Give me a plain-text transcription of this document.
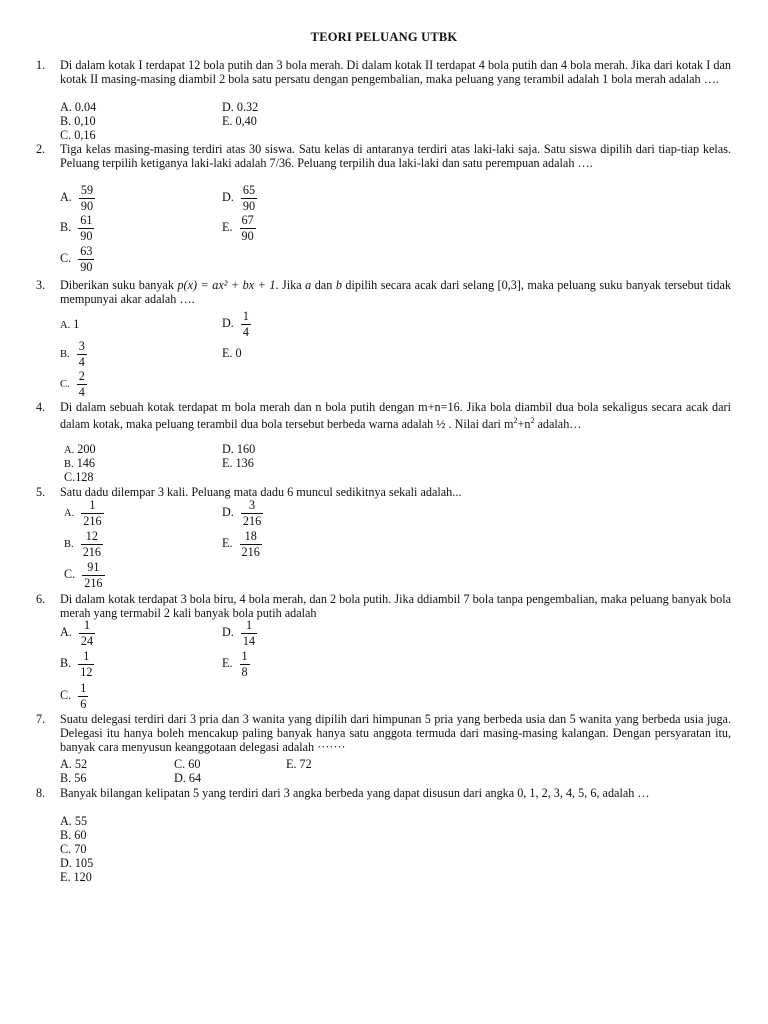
TEORI PELUANG UTBK
1. Di dalam kotak I terdapat 12 bola putih dan 3 bola merah. Di dalam kotak II terdapat 4 bola putih dan 4 bola merah. Jika dari kotak I dan kotak II masing-masing diambil 2 bola satu persatu dengan pengembalian, maka peluang yang terambil adalah 1 bola merah adalah ….
A. 0.04	D. 0.32
B. 0,10	E. 0,40
C. 0,16
2. Tiga kelas masing-masing terdiri atas 30 siswa. Satu kelas di antaranya terdiri atas laki-laki saja. Satu siswa dipilih dari tiap-tiap kelas. Peluang terpilih ketiganya laki-laki adalah 7/36. Peluang terpilih dua laki-laki dan satu perempuan adalah ….
A. $\frac{59}{90}$	D. $\frac{65}{90}$
B. $\frac{61}{90}$	E. $\frac{67}{90}$
C. $\frac{63}{90}$
3. Diberikan suku banyak p(x) = ax² + bx + 1. Jika a dan b dipilih secara acak dari selang [0,3], maka peluang suku banyak tersebut tidak mempunyai akar adalah ….
A. 1	D. $\frac{1}{4}$
B. $\frac{3}{4}$	E. 0
C. $\frac{2}{4}$
4. Di dalam sebuah kotak terdapat m bola merah dan n bola putih dengan m+n=16. Jika bola diambil dua bola sekaligus secara acak dari dalam kotak, maka peluang terambil dua bola tersebut berbeda warna adalah ½ . Nilai dari $m^2+n^2$ adalah…
A. 200	D. 160
B. 146	E. 136
C.128
5. Satu dadu dilempar 3 kali. Peluang mata dadu 6 muncul sedikitnya sekali adalah...
A. $\frac{1}{216}$	D. $\frac{3}{216}$
B. $\frac{12}{216}$	E. $\frac{18}{216}$
C. $\frac{91}{216}$
6. Di dalam kotak terdapat 3 bola biru, 4 bola merah, dan 2 bola putih. Jika ddiambil 7 bola tanpa pengembalian, maka peluang banyak bola merah yang termabil 2 kali banyak bola putih adalah
A. $\frac{1}{24}$	D. $\frac{1}{14}$
B. $\frac{1}{12}$	E. $\frac{1}{8}$
C. $\frac{1}{6}$
7. Suatu delegasi terdiri dari 3 pria dan 3 wanita yang dipilih dari himpunan 5 pria yang berbeda usia dan 5 wanita yang berbeda usia juga. Delegasi itu hanya boleh mencakup paling banyak hanya satu anggota termuda dari masing-masing kalangan. Dengan persyaratan itu, banyak cara menyusun keanggotaan delegasi adalah ·······
A. 52	C. 60	E. 72
B. 56	D. 64
8. Banyak bilangan kelipatan 5 yang terdiri dari 3 angka berbeda yang dapat disusun dari angka 0, 1, 2, 3, 4, 5, 6, adalah …
A. 55
B. 60
C. 70
D. 105
E. 120
